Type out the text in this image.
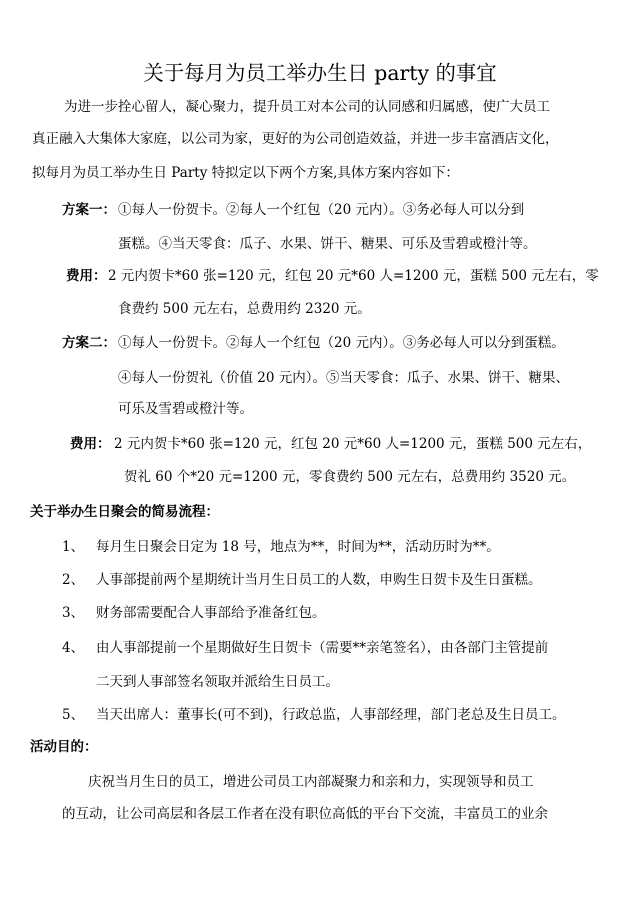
关于每月为员工举办生日 party 的事宜
为进一步拴心留人，凝心聚力，提升员工对本公司的认同感和归属感，使广大员工
真正融入大集体大家庭，以公司为家，更好的为公司创造效益，并进一步丰富酒店文化，
拟每月为员工举办生日 Party 特拟定以下两个方案,具体方案内容如下：
方案一： ①每人一份贺卡。②每人一个红包（20 元内）。③务必每人可以分到
蛋糕。④当天零食：瓜子、水果、饼干、糖果、可乐及雪碧或橙汁等。
费用： 2 元内贺卡*60 张=120 元，红包 20 元*60 人=1200 元，蛋糕 500 元左右，零
食费约 500 元左右，总费用约 2320 元。
方案二： ①每人一份贺卡。②每人一个红包（20 元内）。③务必每人可以分到蛋糕。
④每人一份贺礼（价值 20 元内）。⑤当天零食：瓜子、水果、饼干、糖果、
可乐及雪碧或橙汁等。
费用： 2 元内贺卡*60 张=120 元，红包 20 元*60 人=1200 元，蛋糕 500 元左右，
贺礼 60 个*20 元=1200 元，零食费约 500 元左右，总费用约 3520 元。
关于举办生日聚会的简易流程：
1、 每月生日聚会日定为 18 号，地点为**，时间为**，活动历时为**。
2、 人事部提前两个星期统计当月生日员工的人数，申购生日贺卡及生日蛋糕。
3、 财务部需要配合人事部给予准备红包。
4、 由人事部提前一个星期做好生日贺卡（需要**亲笔签名），由各部门主管提前
二天到人事部签名领取并派给生日员工。
5、 当天出席人：董事长(可不到)，行政总监，人事部经理，部门老总及生日员工。
活动目的：
庆祝当月生日的员工，增进公司员工内部凝聚力和亲和力，实现领导和员工
的互动，让公司高层和各层工作者在没有职位高低的平台下交流，丰富员工的业余
